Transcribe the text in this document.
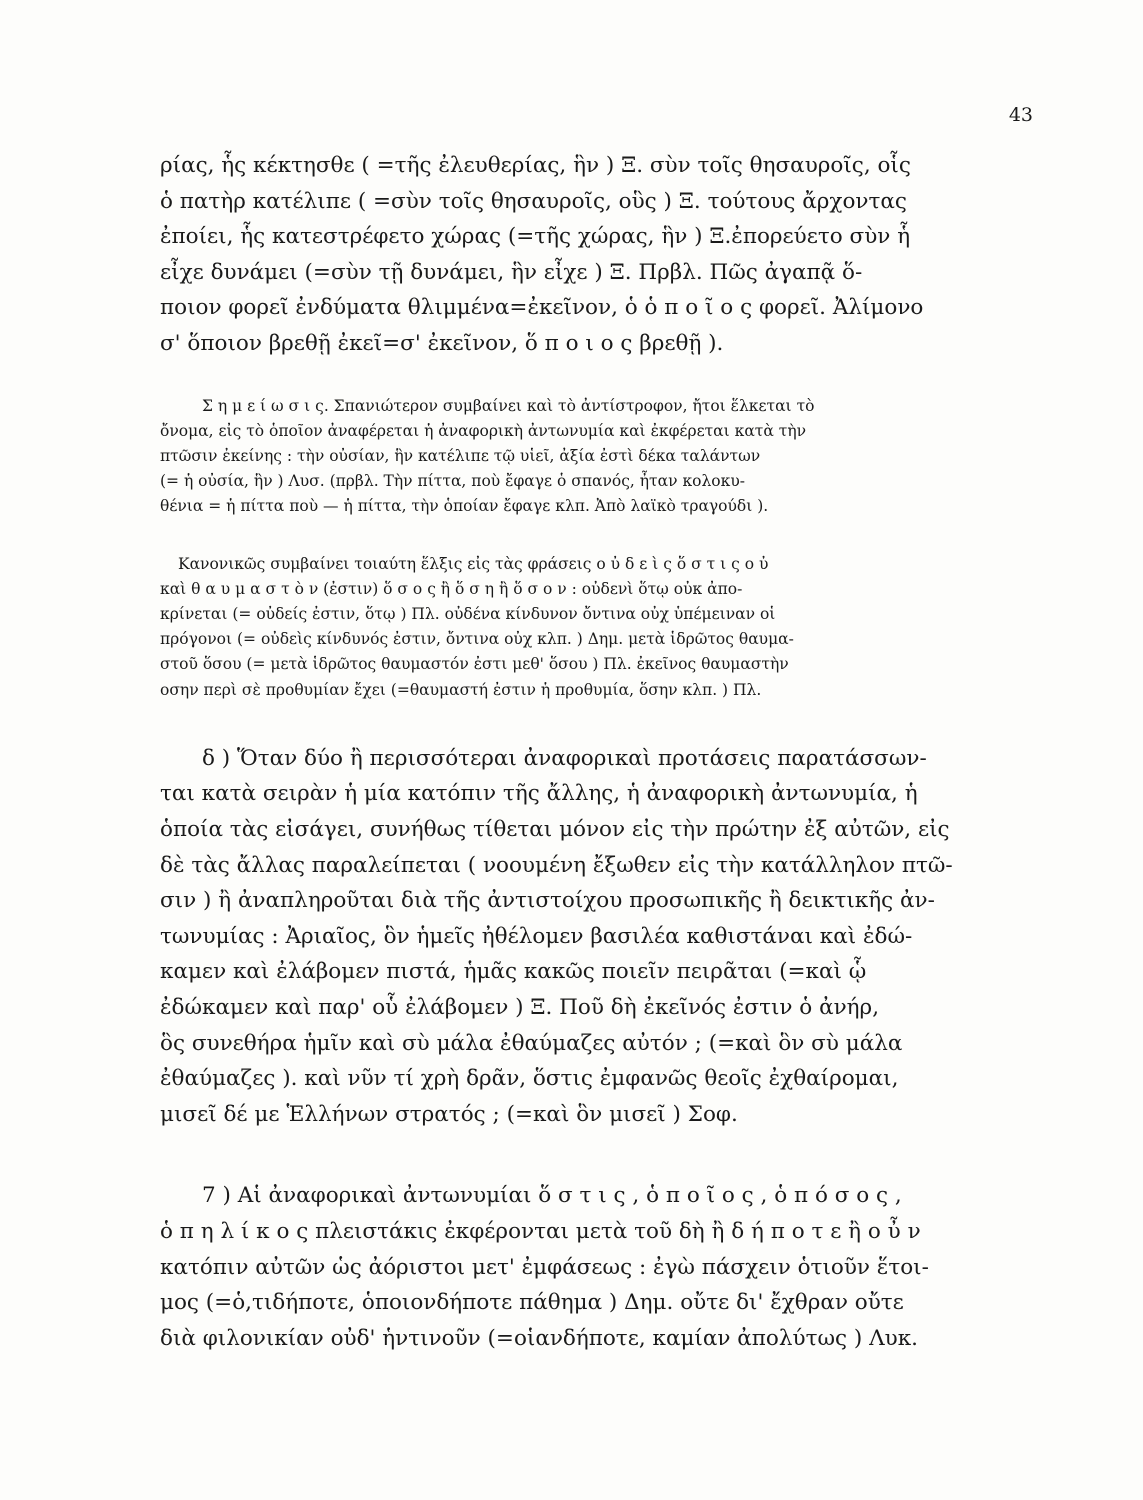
43
ρίας, ἧς κέκτησθε ( =τῆς ἐλευθερίας, ἣν ) Ξ. σὺν τοῖς θησαυροῖς, οἷς
ὁ πατὴρ κατέλιπε ( =σὺν τοῖς θησαυροῖς, οὓς ) Ξ. τούτους ἄρχοντας
ἐποίει, ἧς κατεστρέφετο χώρας (=τῆς χώρας, ἣν ) Ξ.ἐπορεύετο σὺν ἧ
εἶχε δυνάμει (=σὺν τῇ δυνάμει, ἣν εἶχε ) Ξ. Πρβλ. Πῶς ἀγαπᾷ ὅ-
ποιον φορεῖ ἐνδύματα θλιμμένα=ἐκεῖνον, ὁ ὁ π ο ῖ ο ς φορεῖ. Ἀλίμονο
σ' ὅποιον βρεθῇ ἐκεῖ=σ' ἐκεῖνον, ὅ π ο ι ο ς βρεθῇ ).
Σ η μ ε ί ω σ ι ς. Σπανιώτερον συμβαίνει καὶ τὸ ἀντίστροφον, ἤτοι ἕλκεται τὸ
ὄνομα, εἰς τὸ ὁποῖον ἀναφέρεται ἡ ἀναφορικὴ ἀντωνυμία καὶ ἐκφέρεται κατὰ τὴν
πτῶσιν ἐκείνης : τὴν οὐσίαν, ἣν κατέλιπε τῷ υἱεῖ, ἀξία ἐστὶ δέκα ταλάντων
(= ἡ οὐσία, ἣν ) Λυσ. (πρβλ. Τὴν πίττα, ποὺ ἔφαγε ὁ σπανός, ἦταν κολοκυ-
θένια = ἡ πίττα ποὺ — ἡ πίττα, τὴν ὁποίαν ἔφαγε κλπ. Ἀπὸ λαϊκὸ τραγούδι ).
Κανονικῶς συμβαίνει τοιαύτη ἕλξις εἰς τὰς φράσεις ο ὐ δ ε ὶ ς ὅ σ τ ι ς ο ὐ
καὶ θ α υ μ α σ τ ὸ ν (ἐστιν) ὅ σ ο ς ἢ ὅ σ η ἢ ὅ σ ο ν : οὐδενὶ ὅτῳ οὐκ ἀπο-
κρίνεται (= οὐδείς ἐστιν, ὅτῳ ) Πλ. οὐδένα κίνδυνον ὄντινα οὐχ ὑπέμειναν οἱ
πρόγονοι (= οὐδεὶς κίνδυνός ἐστιν, ὄντινα οὐχ κλπ. ) Δημ. μετὰ ἱδρῶτος θαυμα-
στοῦ ὅσου (= μετὰ ἱδρῶτος θαυμαστόν ἐστι μεθ' ὅσου ) Πλ. ἐκεῖνος θαυμαστὴν
οσην περὶ σὲ προθυμίαν ἔχει (=θαυμαστή ἐστιν ἡ προθυμία, ὅσην κλπ. ) Πλ.
δ ) Ὅταν δύο ἢ περισσότεραι ἀναφορικαὶ προτάσεις παρατάσσων-
ται κατὰ σειρὰν ἡ μία κατόπιν τῆς ἄλλης, ἡ ἀναφορικὴ ἀντωνυμία, ἡ
ὁποία τὰς εἰσάγει, συνήθως τίθεται μόνον εἰς τὴν πρώτην ἐξ αὐτῶν, εἰς
δὲ τὰς ἄλλας παραλείπεται ( νοουμένη ἔξωθεν εἰς τὴν κατάλληλον πτῶ-
σιν ) ἢ ἀναπληροῦται διὰ τῆς ἀντιστοίχου προσωπικῆς ἢ δεικτικῆς ἀν-
τωνυμίας : Ἀριαῖος, ὃν ἡμεῖς ἠθέλομεν βασιλέα καθιστάναι καὶ ἐδώ-
καμεν καὶ ἐλάβομεν πιστά, ἡμᾶς κακῶς ποιεῖν πειρᾶται (=καὶ ᾧ
ἐδώκαμεν καὶ παρ' οὗ ἐλάβομεν ) Ξ. Ποῦ δὴ ἐκεῖνός ἐστιν ὁ ἀνήρ,
ὃς συνεθήρα ἡμῖν καὶ σὺ μάλα ἐθαύμαζες αὐτόν ; (=καὶ ὃν σὺ μάλα
ἐθαύμαζες ). καὶ νῦν τί χρὴ δρᾶν, ὅστις ἐμφανῶς θεοῖς ἐχθαίρομαι,
μισεῖ δέ με Ἑλλήνων στρατός ; (=καὶ ὃν μισεῖ ) Σοφ.
7 ) Αἱ ἀναφορικαὶ ἀντωνυμίαι ὅ σ τ ι ς , ὁ π ο ῖ ο ς , ὁ π ό σ ο ς ,
ὁ π η λ ί κ ο ς πλειστάκις ἐκφέρονται μετὰ τοῦ δὴ ἢ δ ή π ο τ ε ἢ ο ὖ ν
κατόπιν αὐτῶν ὡς ἀόριστοι μετ' ἐμφάσεως : ἐγὼ πάσχειν ὁτιοῦν ἕτοι-
μος (=ὁ,τιδήποτε, ὁποιονδήποτε πάθημα ) Δημ. οὔτε δι' ἔχθραν οὔτε
διὰ φιλονικίαν οὐδ' ἡντινοῦν (=οἱανδήποτε, καμίαν ἀπολύτως ) Λυκ.
